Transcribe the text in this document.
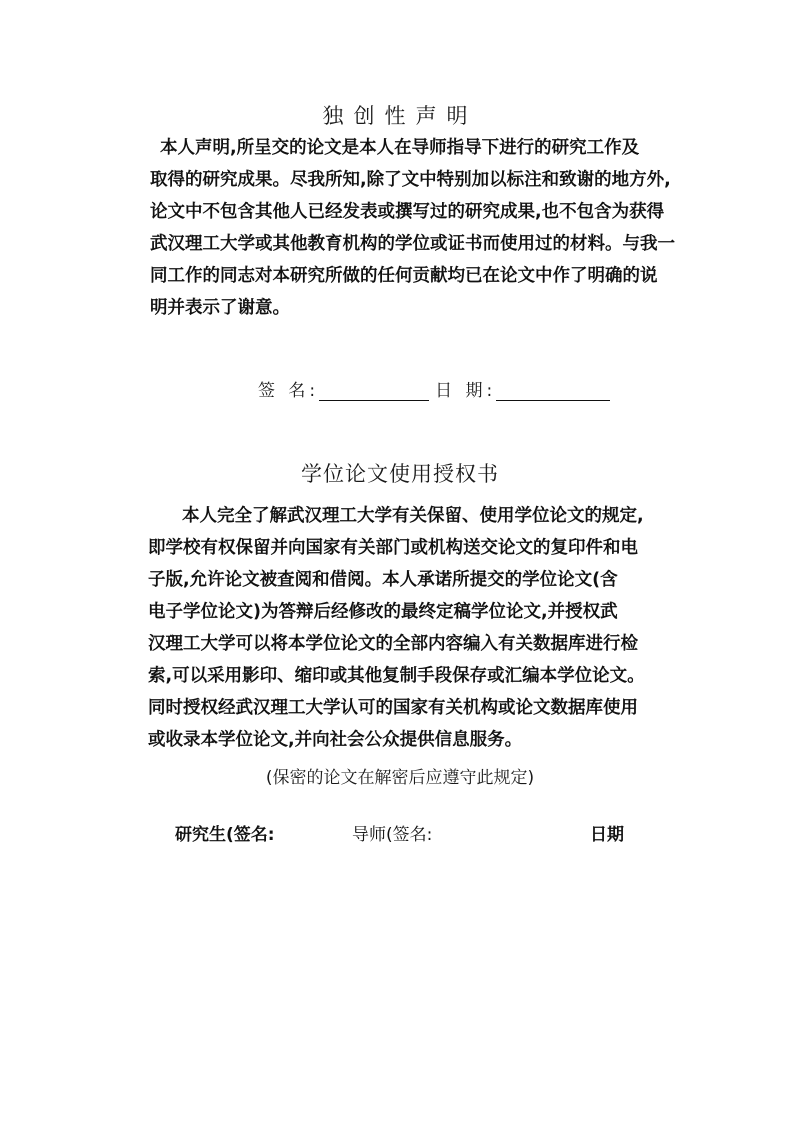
独创性声明
本人声明,所呈交的论文是本人在导师指导下进行的研究工作及
取得的研究成果。尽我所知,除了文中特别加以标注和致谢的地方外,
论文中不包含其他人已经发表或撰写过的研究成果,也不包含为获得
武汉理工大学或其他教育机构的学位或证书而使用过的材料。与我一
同工作的同志对本研究所做的任何贡献均已在论文中作了明确的说
明并表示了谢意。
签 名:	日 期:
学位论文使用授权书
本人完全了解武汉理工大学有关保留、使用学位论文的规定,
即学校有权保留并向国家有关部门或机构送交论文的复印件和电
子版,允许论文被查阅和借阅。本人承诺所提交的学位论文(含
电子学位论文)为答辩后经修改的最终定稿学位论文,并授权武
汉理工大学可以将本学位论文的全部内容编入有关数据库进行检
索,可以采用影印、缩印或其他复制手段保存或汇编本学位论文。
同时授权经武汉理工大学认可的国家有关机构或论文数据库使用
或收录本学位论文,并向社会公众提供信息服务。
(保密的论文在解密后应遵守此规定)
研究生(签名:	导师(签名:	日期
